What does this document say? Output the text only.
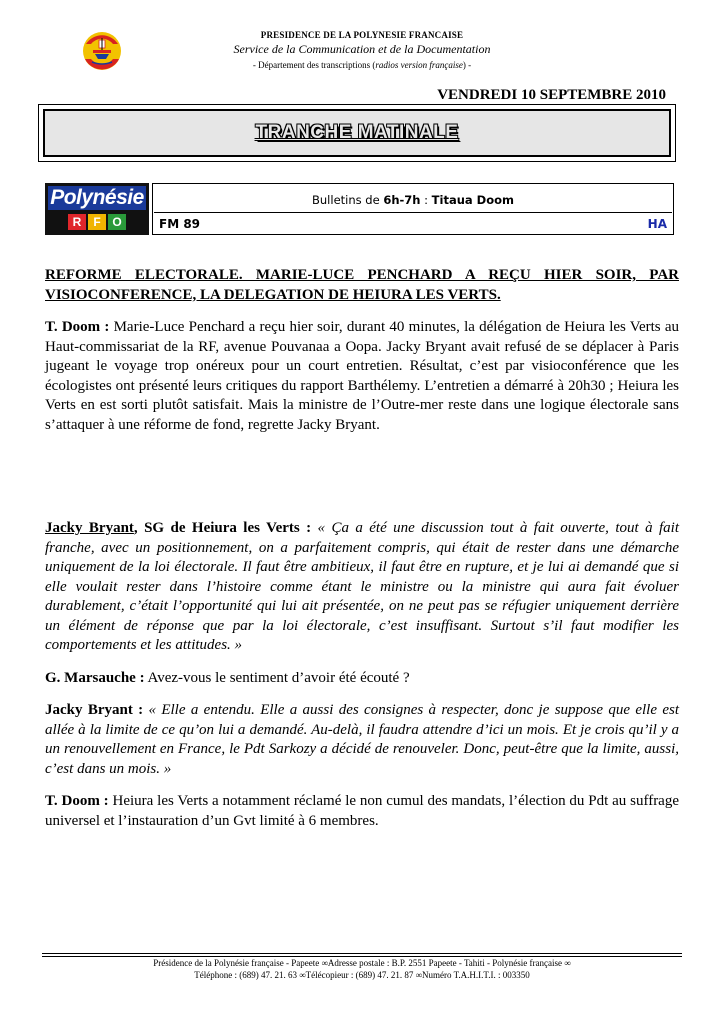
PRESIDENCE DE LA POLYNESIE FRANCAISE
Service de la Communication et de la Documentation
- Département des transcriptions (radios version française) -
VENDREDI 10 SEPTEMBRE 2010
TRANCHE MATINALE
Polynésie
R	F O
Bulletins de 6h-7h : Titaua Doom
FM 89	HA

REFORME ELECTORALE. MARIE-LUCE PENCHARD A REÇU HIER SOIR, PAR VISIOCONFERENCE, LA DELEGATION DE HEIURA LES VERTS.

T. Doom : Marie-Luce Penchard a reçu hier soir, durant 40 minutes, la délégation de Heiura les Verts au Haut-commissariat de la RF, avenue Pouvanaa a Oopa. Jacky Bryant avait refusé de se déplacer à Paris jugeant le voyage trop onéreux pour un court entretien. Résultat, c’est par visioconférence que les écologistes ont présenté leurs critiques du rapport Barthélemy. L’entretien a démarré à 20h30 ; Heiura les Verts en est sorti plutôt satisfait. Mais la ministre de l’Outre-mer reste dans une logique électorale sans s’attaquer à une réforme de fond, regrette Jacky Bryant.

Jacky Bryant, SG de Heiura les Verts : « Ça a été une discussion tout à fait ouverte, tout à fait franche, avec un positionnement, on a parfaitement compris, qui était de rester dans une démarche uniquement de la loi électorale. Il faut être ambitieux, il faut être en rupture, et je lui ai demandé que si elle voulait rester dans l’histoire comme étant le ministre ou la ministre qui aura fait évoluer durablement, c’était l’opportunité qui lui ait présentée, on ne peut pas se réfugier uniquement derrière un élément de réponse que par la loi électorale, c’est insuffisant. Surtout s’il faut modifier les comportements et les attitudes. »

G. Marsauche : Avez-vous le sentiment d’avoir été écouté ?

Jacky Bryant : « Elle a entendu. Elle a aussi des consignes à respecter, donc je suppose que elle est allée à la limite de ce qu’on lui a demandé. Au-delà, il faudra attendre d’ici un mois. Et je crois qu’il y a un renouvellement en France, le Pdt Sarkozy a décidé de renouveler. Donc, peut-être que la limite, aussi, c’est dans un mois. »

T. Doom : Heiura les Verts a notamment réclamé le non cumul des mandats, l’élection du Pdt au suffrage universel et l’instauration d’un Gvt limité à 6 membres.

Présidence de la Polynésie française - Papeete ∞Adresse postale : B.P. 2551 Papeete - Tahiti - Polynésie française ∞
Téléphone : (689) 47. 21. 63 ∞Télécopieur : (689) 47. 21. 87 ∞Numéro T.A.H.I.T.I. : 003350
